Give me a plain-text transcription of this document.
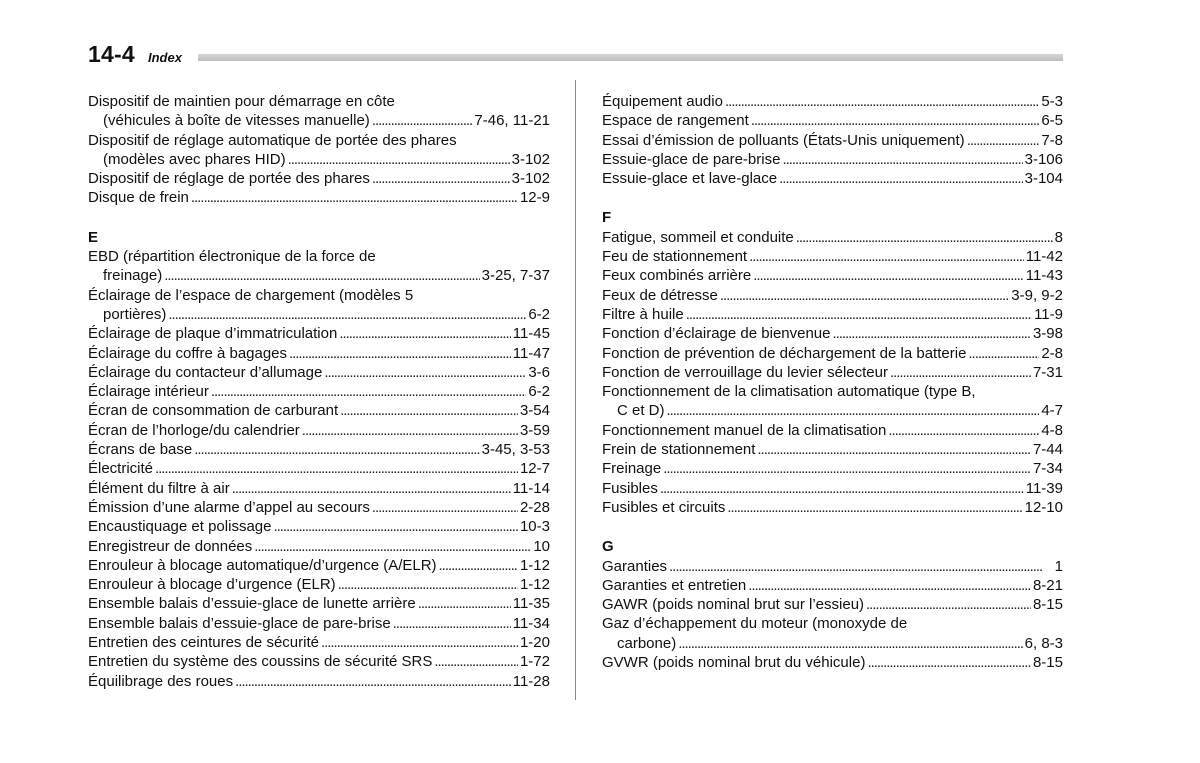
14-4 Index
Dispositif de maintien pour démarrage en côte
(véhicules à boîte de vitesses manuelle) . . .	7-46, 11-21
Dispositif de réglage automatique de portée des phares
(modèles avec phares HID) . . .	3-102
Dispositif de réglage de portée des phares . . .	3-102
Disque de frein . . .	12-9
E
EBD (répartition électronique de la force de
freinage) . . .	3-25, 7-37
Éclairage de l’espace de chargement (modèles 5
portières) . . .	6-2
Éclairage de plaque d’immatriculation . . .	11-45
Éclairage du coffre à bagages . . .	11-47
Éclairage du contacteur d’allumage . . .	3-6
Éclairage intérieur . . .	6-2
Écran de consommation de carburant . . .	3-54
Écran de l’horloge/du calendrier . . .	3-59
Écrans de base . . .	3-45, 3-53
Électricité . . .	12-7
Élément du filtre à air . . .	11-14
Émission d’une alarme d’appel au secours . . .	2-28
Encaustiquage et polissage . . .	10-3
Enregistreur de données . . .	10
Enrouleur à blocage automatique/d’urgence (A/ELR) . . .	1-12
Enrouleur à blocage d’urgence (ELR) . . .	1-12
Ensemble balais d’essuie-glace de lunette arrière . . .	11-35
Ensemble balais d’essuie-glace de pare-brise . . .	11-34
Entretien des ceintures de sécurité . . .	1-20
Entretien du système des coussins de sécurité SRS . . .	1-72
Équilibrage des roues . . .	11-28
Équipement audio . . .	5-3
Espace de rangement . . .	6-5
Essai d’émission de polluants (États-Unis uniquement) . . .	7-8
Essuie-glace de pare-brise . . .	3-106
Essuie-glace et lave-glace . . .	3-104
F
Fatigue, sommeil et conduite . . .	8
Feu de stationnement . . .	11-42
Feux combinés arrière . . .	11-43
Feux de détresse . . .	3-9, 9-2
Filtre à huile . . .	11-9
Fonction d’éclairage de bienvenue . . .	3-98
Fonction de prévention de déchargement de la batterie . . .	2-8
Fonction de verrouillage du levier sélecteur . . .	7-31
Fonctionnement de la climatisation automatique (type B,
C et D) . . .	4-7
Fonctionnement manuel de la climatisation . . .	4-8
Frein de stationnement . . .	7-44
Freinage . . .	7-34
Fusibles . . .	11-39
Fusibles et circuits . . .	12-10
G
Garanties . . .	1
Garanties et entretien . . .	8-21
GAWR (poids nominal brut sur l’essieu) . . .	8-15
Gaz d’échappement du moteur (monoxyde de
carbone) . . .	6, 8-3
GVWR (poids nominal brut du véhicule) . . .	8-15
